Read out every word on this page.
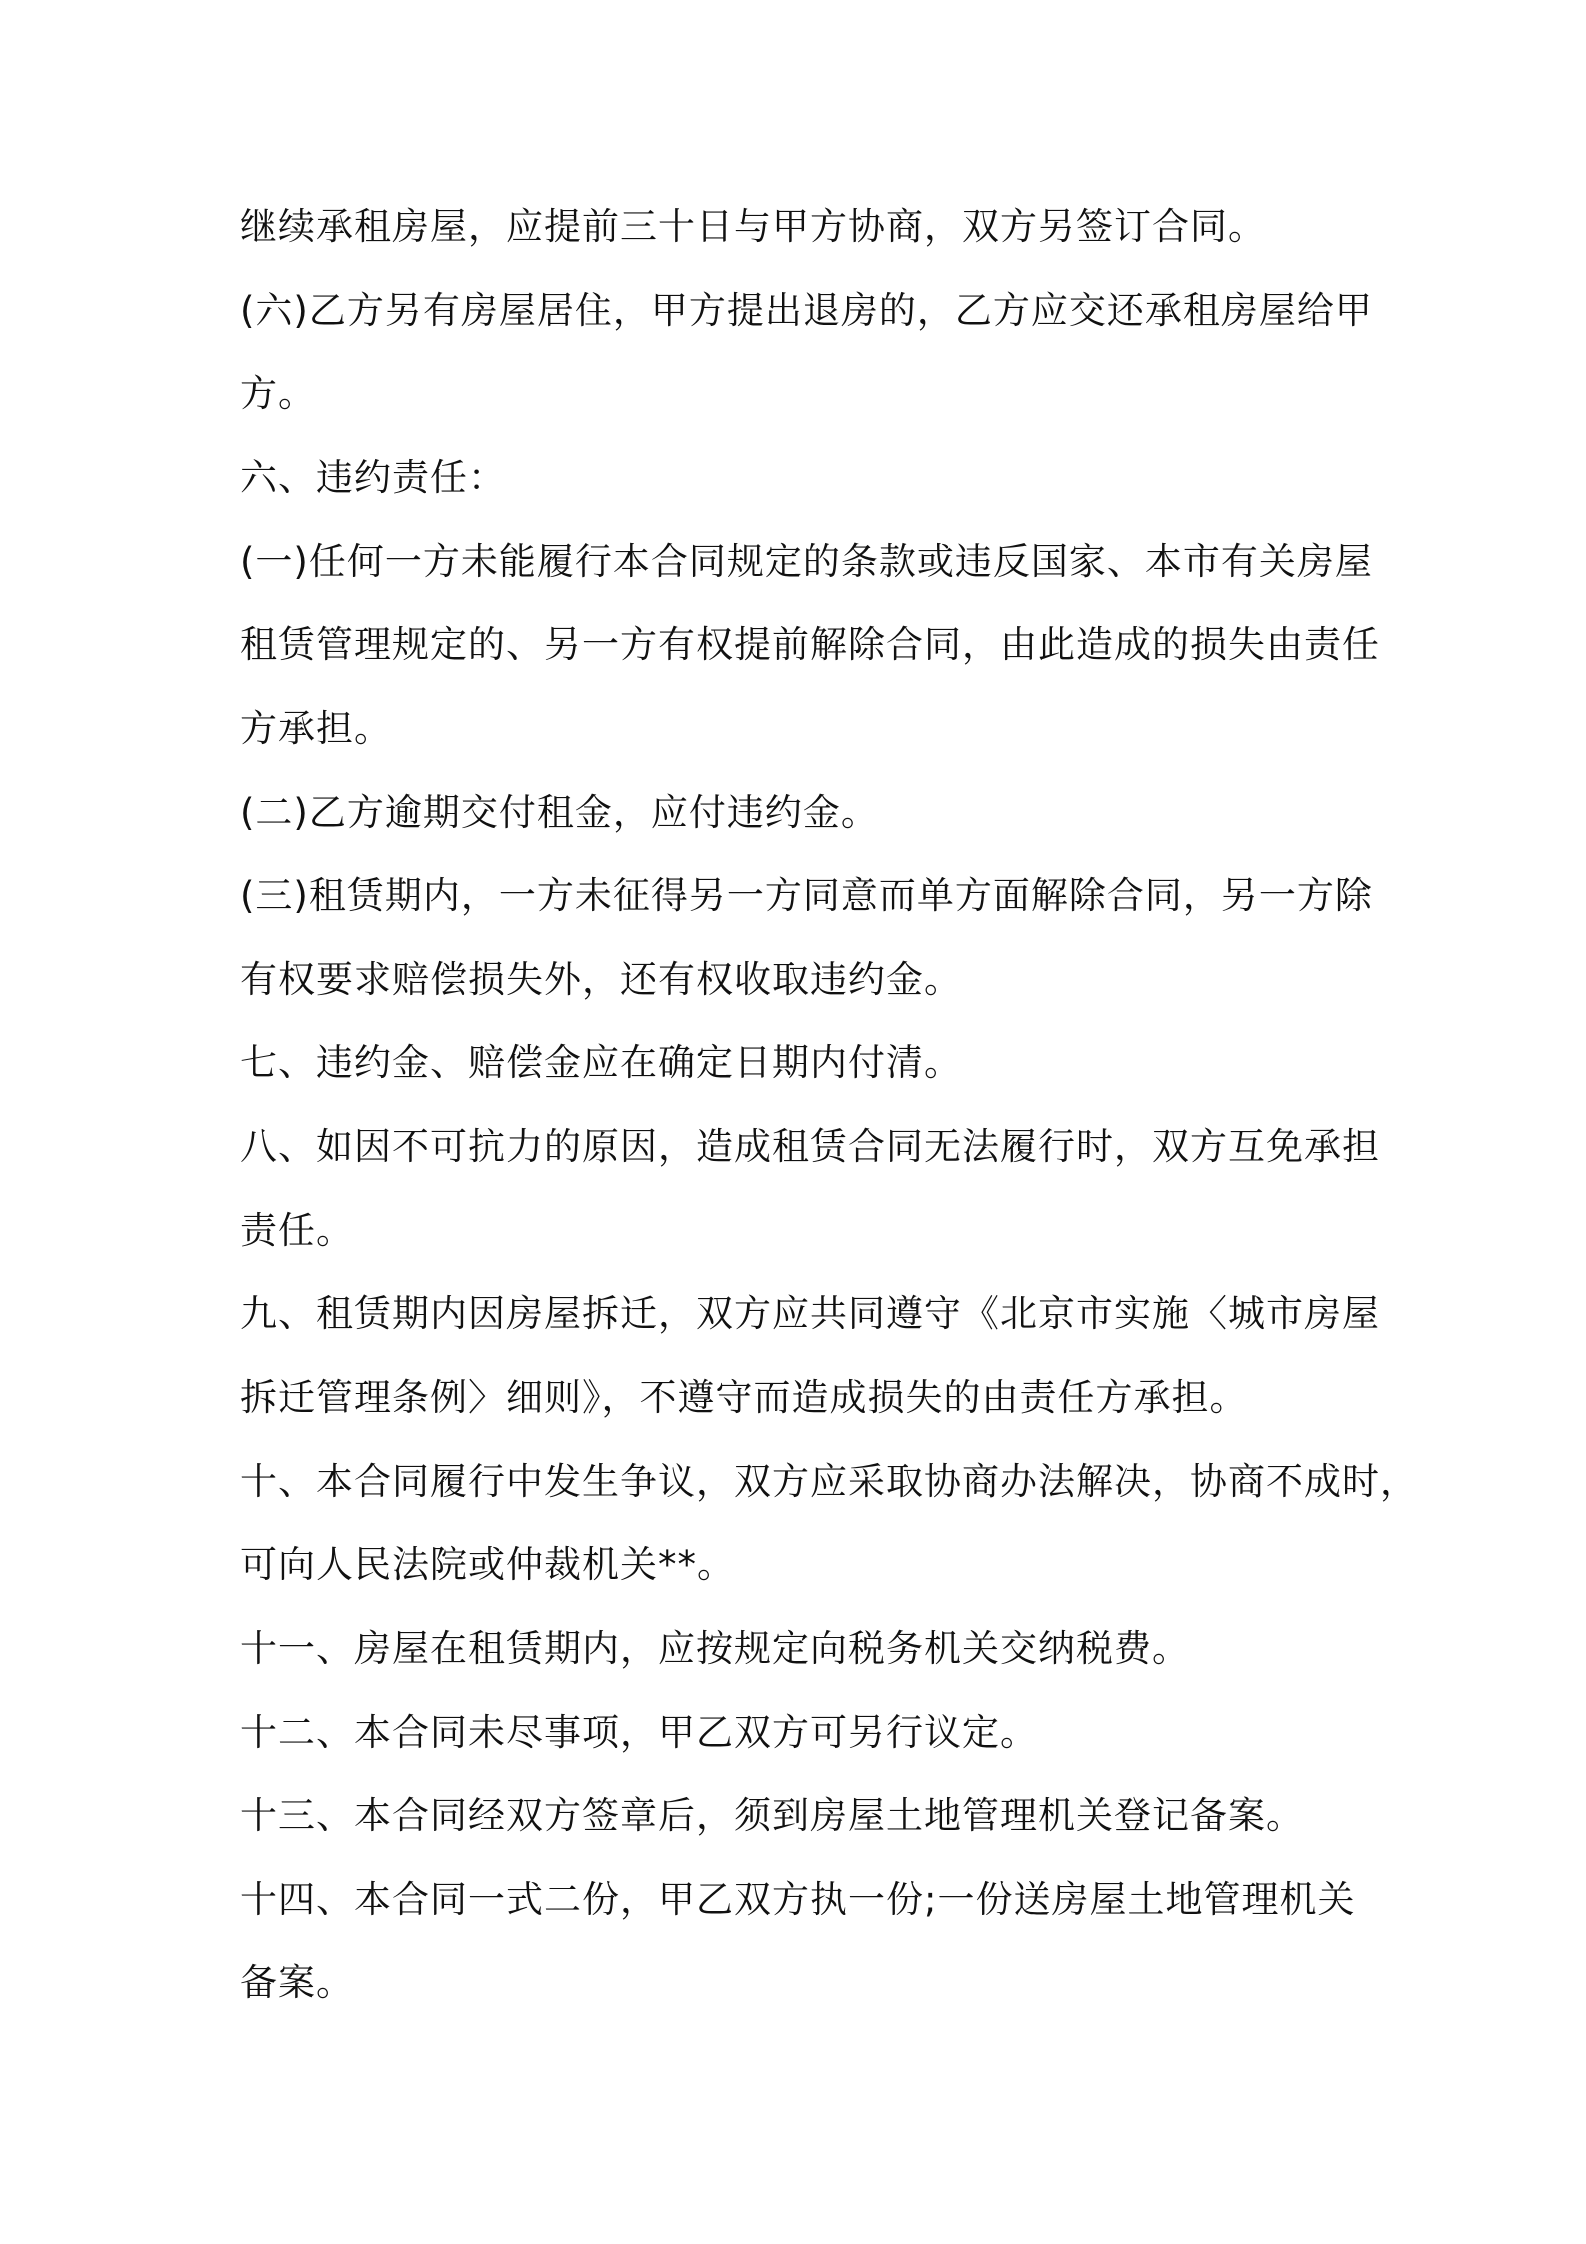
继续承租房屋，应提前三十日与甲方协商，双方另签订合同。

(六)乙方另有房屋居住，甲方提出退房的，乙方应交还承租房屋给甲

方。

六、违约责任：

(一)任何一方未能履行本合同规定的条款或违反国家、本市有关房屋

租赁管理规定的、另一方有权提前解除合同，由此造成的损失由责任

方承担。

(二)乙方逾期交付租金，应付违约金。

(三)租赁期内，一方未征得另一方同意而单方面解除合同，另一方除

有权要求赔偿损失外，还有权收取违约金。

七、违约金、赔偿金应在确定日期内付清。

八、如因不可抗力的原因，造成租赁合同无法履行时，双方互免承担

责任。

九、租赁期内因房屋拆迁，双方应共同遵守《北京市实施〈城市房屋

拆迁管理条例〉细则》，不遵守而造成损失的由责任方承担。

十、本合同履行中发生争议，双方应采取协商办法解决，协商不成时，

可向人民法院或仲裁机关**。

十一、房屋在租赁期内，应按规定向税务机关交纳税费。

十二、本合同未尽事项，甲乙双方可另行议定。

十三、本合同经双方签章后，须到房屋土地管理机关登记备案。

十四、本合同一式二份，甲乙双方执一份;一份送房屋土地管理机关

备案。
